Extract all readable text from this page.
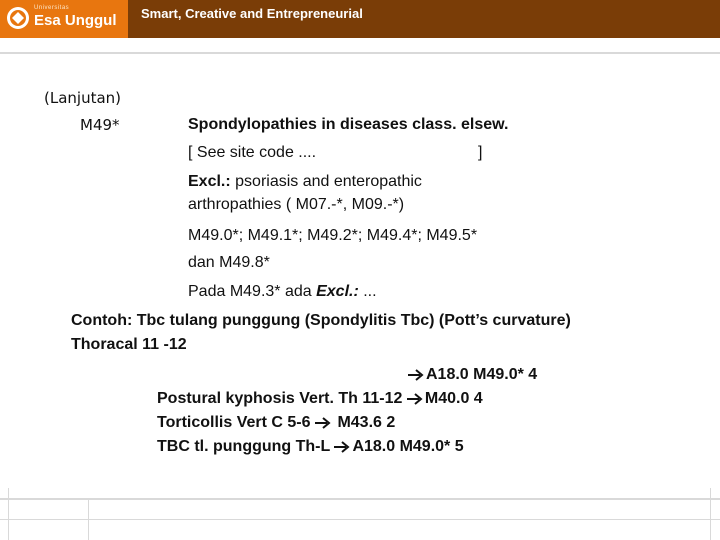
Universitas
Esa Unggul Smart, Creative and Entrepreneurial
(Lanjutan)
M49*	Spondylopathies in diseases class. elsew.
[ See site code ....	]
Excl.: psoriasis and enteropathic
arthropathies ( M07.-*, M09.-*)
M49.0*; M49.1*; M49.2*; M49.4*; M49.5*
dan M49.8*
Pada M49.3* ada Excl.: ...
Contoh: Tbc tulang punggung (Spondylitis Tbc) (Pott’s curvature)
Thoracal 11 -12
A18.0 M49.0* 4
Postural kyphosis Vert. Th 11-12 M40.0 4
Torticollis Vert C 5-6 M43.6 2
TBC tl. punggung Th-L A18.0 M49.0* 5
